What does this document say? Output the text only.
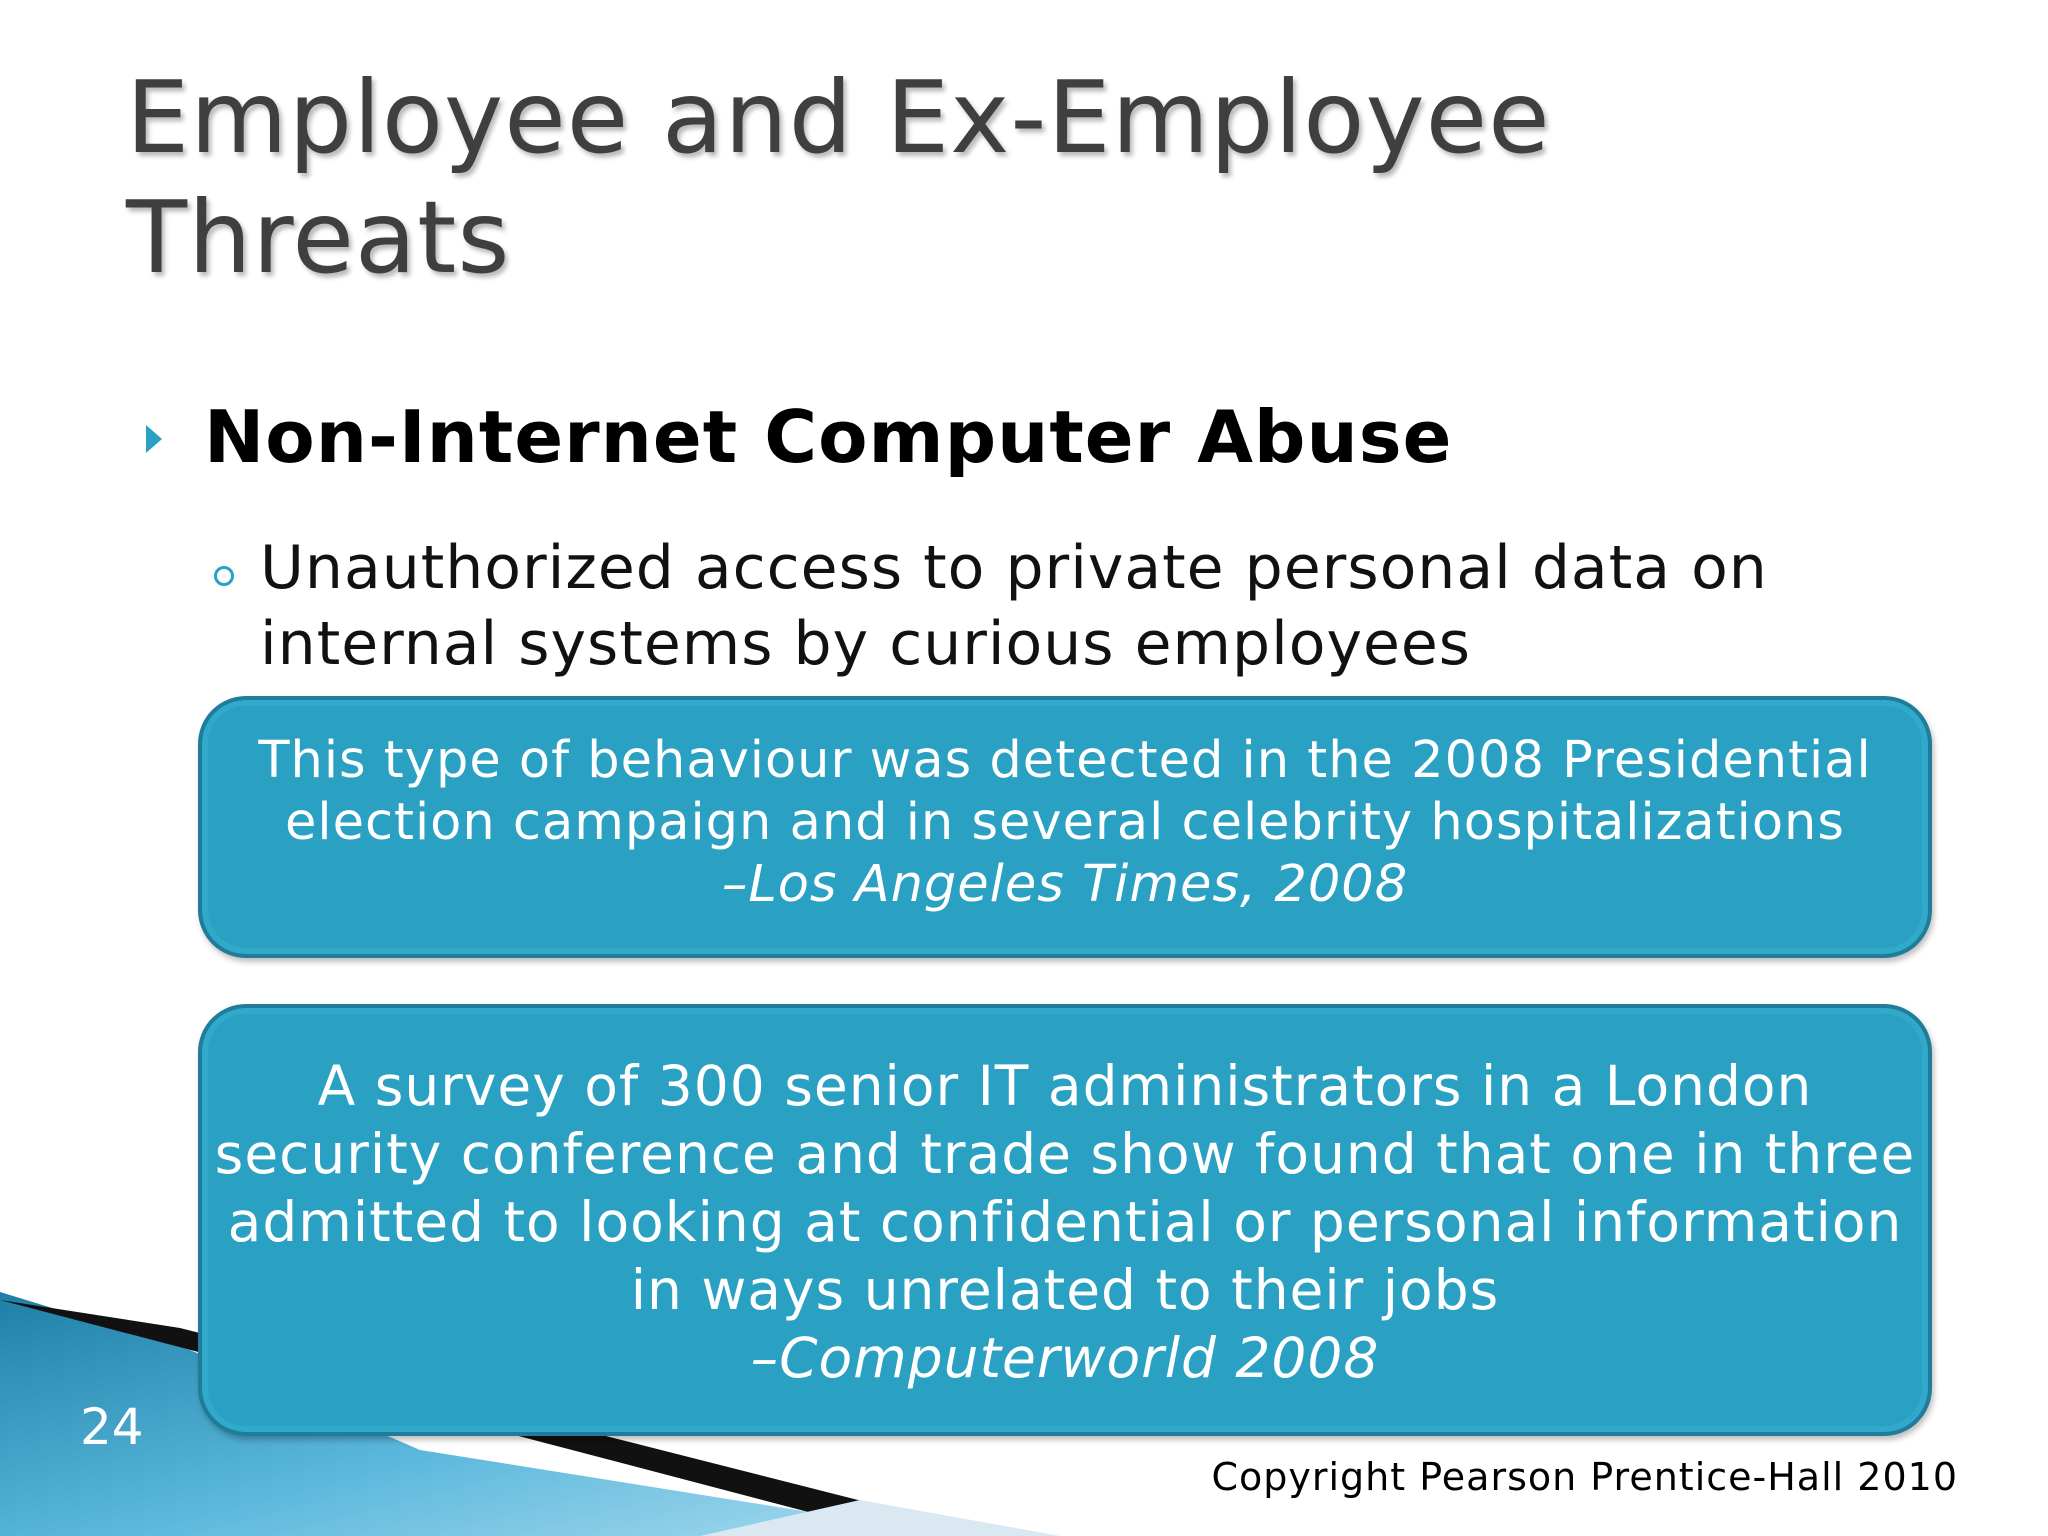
Employee and Ex-Employee
Threats
Non-Internet Computer Abuse
Unauthorized access to private personal data on internal systems by curious employees
This type of behaviour was detected in the 2008 Presidential
election campaign and in several celebrity hospitalizations
–Los Angeles Times, 2008
A survey of 300 senior IT administrators in a London
security conference and trade show found that one in three
admitted to looking at confidential or personal information
in ways unrelated to their jobs
–Computerworld 2008
24
Copyright Pearson Prentice-Hall 2010
